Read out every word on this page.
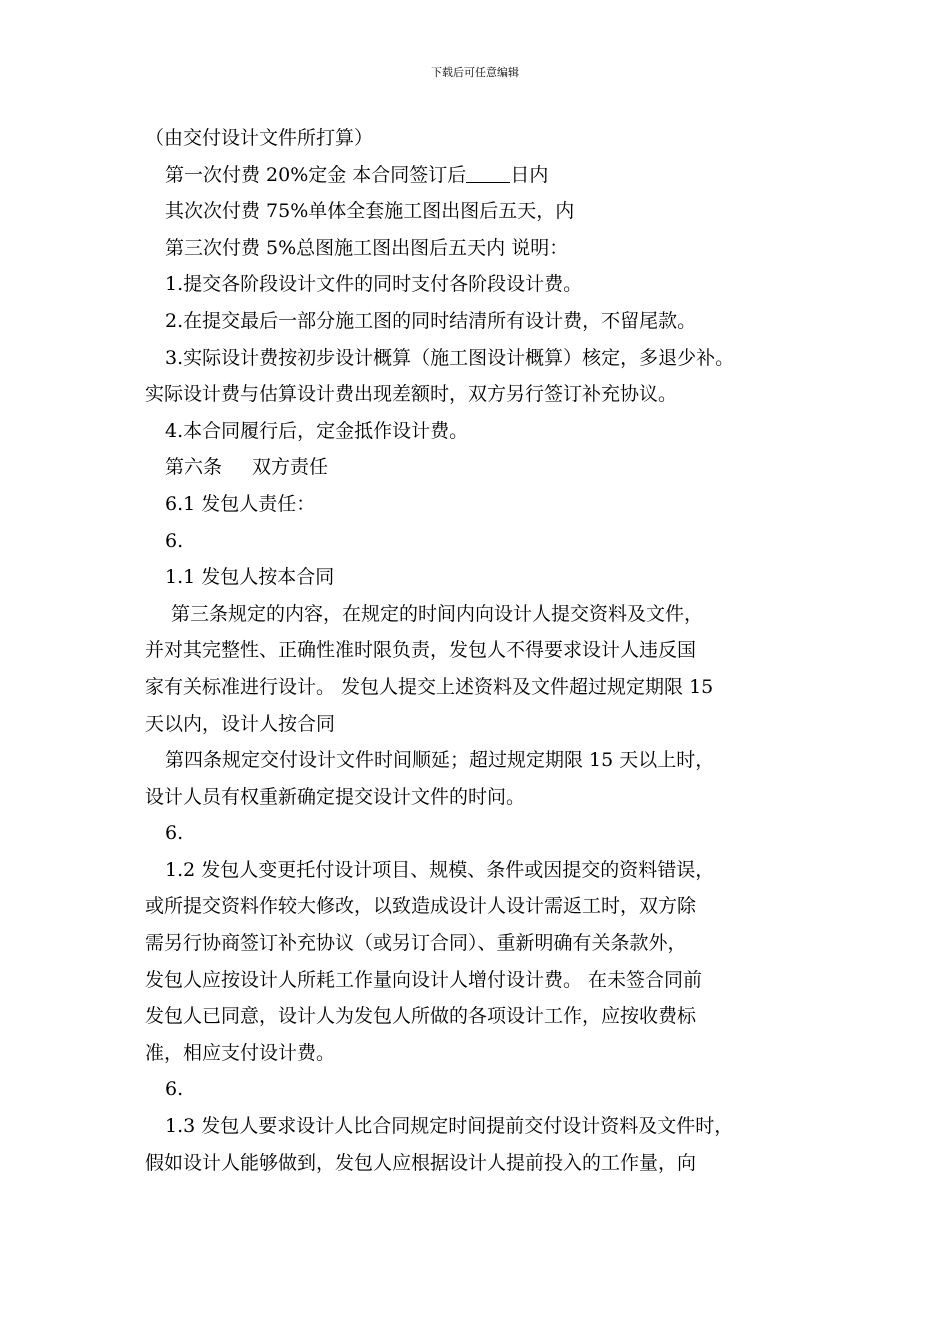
下载后可任意编辑
（由交付设计文件所打算）
第一次付费 20%定金 本合同签订后 日内
其次次付费 75%单体全套施工图出图后五天，内
第三次付费 5%总图施工图出图后五天内 说明：
1.提交各阶段设计文件的同时支付各阶段设计费。
2.在提交最后一部分施工图的同时结清所有设计费，不留尾款。
3.实际设计费按初步设计概算（施工图设计概算）核定，多退少补。
实际设计费与估算设计费出现差额时，双方另行签订补充协议。
4.本合同履行后，定金抵作设计费。
第六条 双方责任
6.1 发包人责任：
6.
1.1 发包人按本合同
第三条规定的内容，在规定的时间内向设计人提交资料及文件，
并对其完整性、正确性准时限负责，发包人不得要求设计人违反国
家有关标准进行设计。 发包人提交上述资料及文件超过规定期限 15
天以内，设计人按合同
第四条规定交付设计文件时间顺延；超过规定期限 15 天以上时，
设计人员有权重新确定提交设计文件的时问。
6.
1.2 发包人变更托付设计项目、规模、条件或因提交的资料错误，
或所提交资料作较大修改，以致造成设计人设计需返工时，双方除
需另行协商签订补充协议（或另订合同）、重新明确有关条款外，
发包人应按设计人所耗工作量向设计人增付设计费。 在未签合同前
发包人已同意，设计人为发包人所做的各项设计工作，应按收费标
准，相应支付设计费。
6.
1.3 发包人要求设计人比合同规定时间提前交付设计资料及文件时，
假如设计人能够做到，发包人应根据设计人提前投入的工作量，向
